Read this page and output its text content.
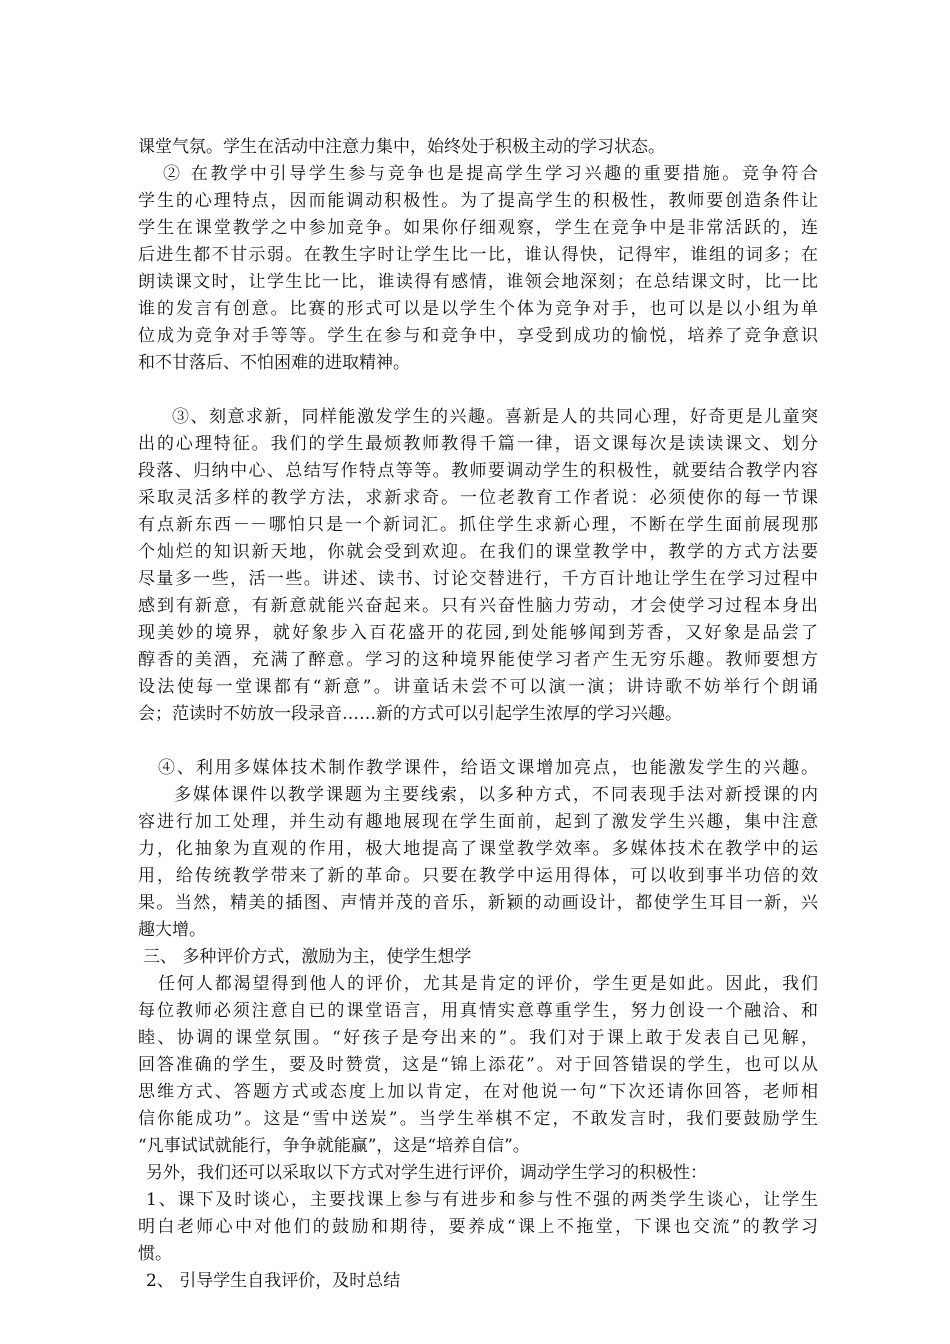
课堂气氛。学生在活动中注意力集中，始终处于积极主动的学习状态。
② 在教学中引导学生参与竞争也是提高学生学习兴趣的重要措施。竞争符合
学生的心理特点，因而能调动积极性。为了提高学生的积极性，教师要创造条件让
学生在课堂教学之中参加竞争。如果你仔细观察，学生在竞争中是非常活跃的，连
后进生都不甘示弱。在教生字时让学生比一比，谁认得快，记得牢，谁组的词多；在
朗读课文时，让学生比一比，谁读得有感情，谁领会地深刻；在总结课文时，比一比
谁的发言有创意。比赛的形式可以是以学生个体为竞争对手，也可以是以小组为单
位成为竞争对手等等。学生在参与和竞争中，享受到成功的愉悦，培养了竞争意识
和不甘落后、不怕困难的进取精神。
③、刻意求新，同样能激发学生的兴趣。喜新是人的共同心理，好奇更是儿童突
出的心理特征。我们的学生最烦教师教得千篇一律，语文课每次是读读课文、划分
段落、归纳中心、总结写作特点等等。教师要调动学生的积极性，就要结合教学内容
采取灵活多样的教学方法，求新求奇。一位老教育工作者说：必须使你的每一节课
有点新东西－－哪怕只是一个新词汇。抓住学生求新心理，不断在学生面前展现那
个灿烂的知识新天地，你就会受到欢迎。在我们的课堂教学中，教学的方式方法要
尽量多一些，活一些。讲述、读书、讨论交替进行，千方百计地让学生在学习过程中
感到有新意，有新意就能兴奋起来。只有兴奋性脑力劳动，才会使学习过程本身出
现美妙的境界，就好象步入百花盛开的花园,到处能够闻到芳香，又好象是品尝了
醇香的美酒，充满了醉意。学习的这种境界能使学习者产生无穷乐趣。教师要想方
设法使每一堂课都有“新意”。讲童话未尝不可以演一演；讲诗歌不妨举行个朗诵
会；范读时不妨放一段录音……新的方式可以引起学生浓厚的学习兴趣。
④、利用多媒体技术制作教学课件，给语文课增加亮点，也能激发学生的兴趣。
多媒体课件以教学课题为主要线索，以多种方式，不同表现手法对新授课的内
容进行加工处理，并生动有趣地展现在学生面前，起到了激发学生兴趣，集中注意
力，化抽象为直观的作用，极大地提高了课堂教学效率。多媒体技术在教学中的运
用，给传统教学带来了新的革命。只要在教学中运用得体，可以收到事半功倍的效
果。当然，精美的插图、声情并茂的音乐，新颖的动画设计，都使学生耳目一新，兴
趣大增。
三、 多种评价方式，激励为主，使学生想学
任何人都渴望得到他人的评价，尤其是肯定的评价，学生更是如此。因此，我们
每位教师必须注意自已的课堂语言，用真情实意尊重学生，努力创设一个融洽、和
睦、协调的课堂氛围。“好孩子是夸出来的”。我们对于课上敢于发表自己见解，
回答准确的学生，要及时赞赏，这是“锦上添花”。对于回答错误的学生，也可以从
思维方式、答题方式或态度上加以肯定，在对他说一句“下次还请你回答，老师相
信你能成功”。这是“雪中送炭”。当学生举棋不定，不敢发言时，我们要鼓励学生
“凡事试试就能行，争争就能赢”，这是“培养自信”。
另外，我们还可以采取以下方式对学生进行评价，调动学生学习的积极性：
1、课下及时谈心，主要找课上参与有进步和参与性不强的两类学生谈心，让学生
明白老师心中对他们的鼓励和期待，要养成“课上不拖堂，下课也交流”的教学习
惯。
2、 引导学生自我评价，及时总结
